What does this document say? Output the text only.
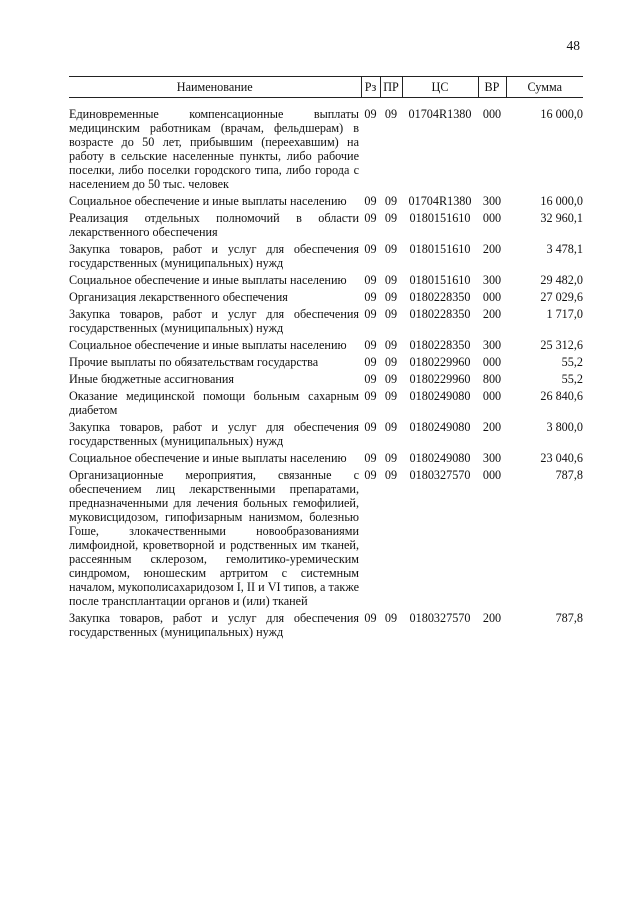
48
Наименование	Рз	ПР	ЦС	ВР	Сумма

Единовременные компенсационные выплаты медицинским работникам (врачам, фельдшерам) в возрасте до 50 лет, прибывшим (переехавшим) на работу в сельские населенные пункты, либо рабочие поселки, либо поселки городского типа, либо города с населением до 50 тыс. человек	09	09	01704R1380	000	16 000,0
Социальное обеспечение и иные выплаты населению	09	09	01704R1380	300	16 000,0
Реализация отдельных полномочий в области лекарственного обеспечения	09	09	0180151610	000	32 960,1
Закупка товаров, работ и услуг для обеспечения государственных (муниципальных) нужд	09	09	0180151610	200	3 478,1
Социальное обеспечение и иные выплаты населению	09	09	0180151610	300	29 482,0
Организация лекарственного обеспечения	09	09	0180228350	000	27 029,6
Закупка товаров, работ и услуг для обеспечения государственных (муниципальных) нужд	09	09	0180228350	200	1 717,0
Социальное обеспечение и иные выплаты населению	09	09	0180228350	300	25 312,6
Прочие выплаты по обязательствам государства	09	09	0180229960	000	55,2
Иные бюджетные ассигнования	09	09	0180229960	800	55,2
Оказание медицинской помощи больным сахарным диабетом	09	09	0180249080	000	26 840,6
Закупка товаров, работ и услуг для обеспечения государственных (муниципальных) нужд	09	09	0180249080	200	3 800,0
Социальное обеспечение и иные выплаты населению	09	09	0180249080	300	23 040,6
Организационные мероприятия, связанные с обеспечением лиц лекарственными препаратами, предназначенными для лечения больных гемофилией, муковисцидозом, гипофизарным нанизмом, болезнью Гоше, злокачественными новообразованиями лимфоидной, кроветворной и родственных им тканей, рассеянным склерозом, гемолитико-уремическим синдромом, юношеским артритом с системным началом, мукополисахаридозом I, II и VI типов, а также после трансплантации органов и (или) тканей	09	09	0180327570	000	787,8
Закупка товаров, работ и услуг для обеспечения государственных (муниципальных) нужд	09	09	0180327570	200	787,8
